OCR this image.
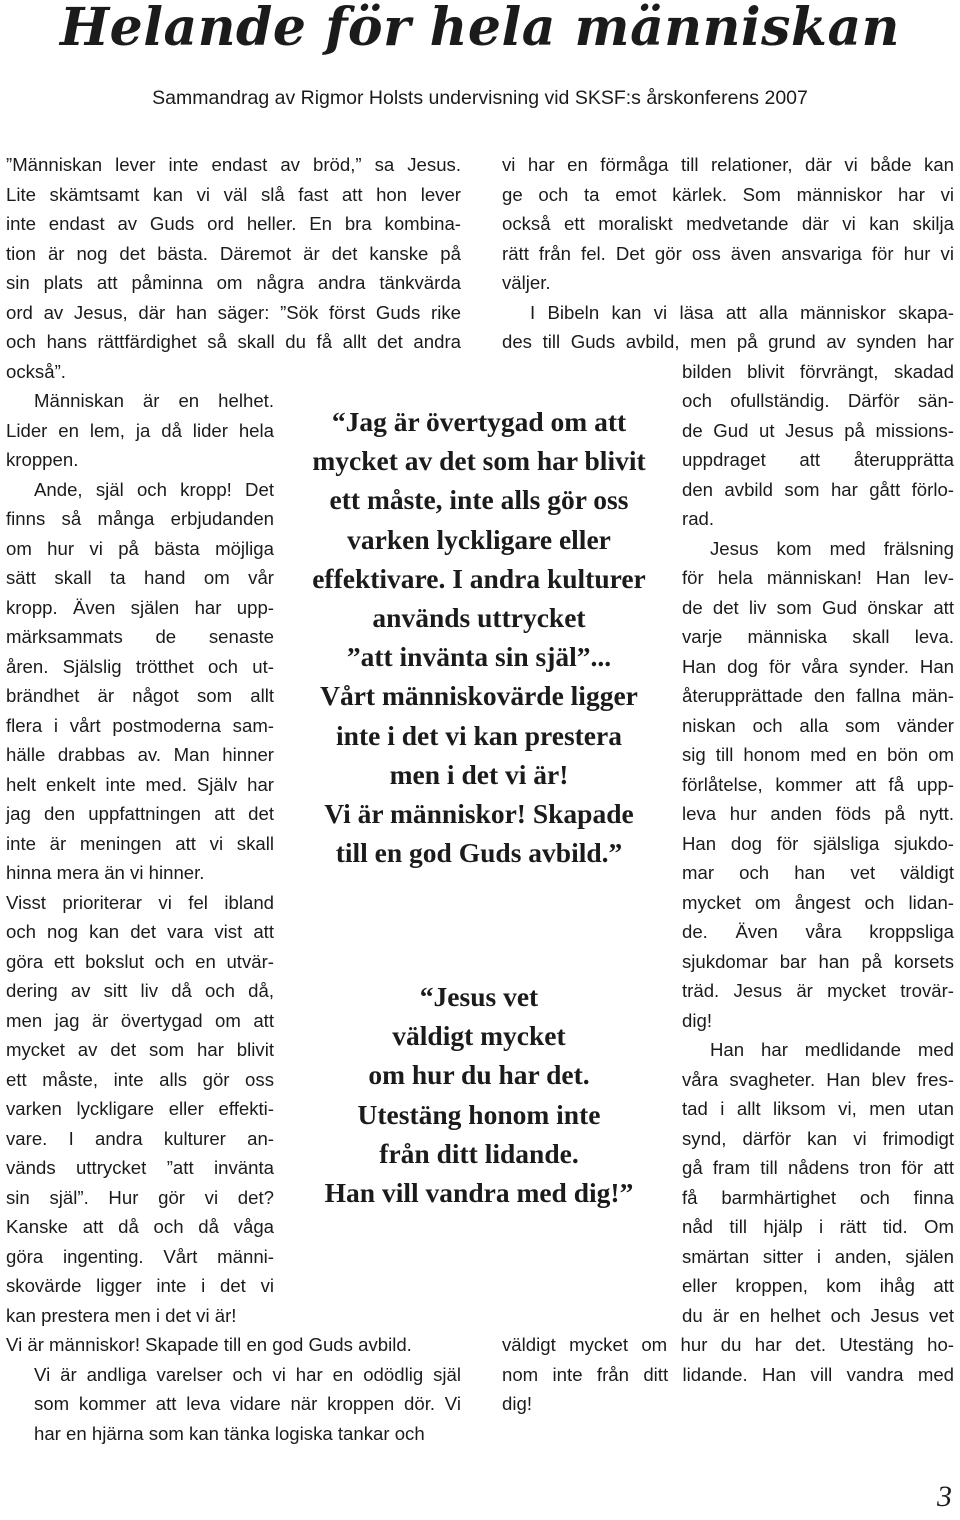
Helande för hela människan
Sammandrag av Rigmor Holsts undervisning vid SKSF:s årskonferens 2007
”Människan lever inte endast av bröd,” sa Jesus.
Lite skämtsamt kan vi väl slå fast att hon lever
inte endast av Guds ord heller. En bra kombina-
tion är nog det bästa. Däremot är det kanske på
sin plats att påminna om några andra tänkvärda
ord av Jesus, där han säger: ”Sök först Guds rike
och hans rättfärdighet så skall du få allt det andra
också”.
Människan är en helhet.
Lider en lem, ja då lider hela
kroppen.
Ande, själ och kropp! Det
finns så många erbjudanden
om hur vi på bästa möjliga
sätt skall ta hand om vår
kropp. Även själen har upp-
märksammats de senaste
åren. Själslig trötthet och ut-
brändhet är något som allt
flera i vårt postmoderna sam-
hälle drabbas av. Man hinner
helt enkelt inte med. Själv har
jag den uppfattningen att det
inte är meningen att vi skall
hinna mera än vi hinner.
Visst prioriterar vi fel ibland
och nog kan det vara vist att
göra ett bokslut och en utvär-
dering av sitt liv då och då,
men jag är övertygad om att
mycket av det som har blivit
ett måste, inte alls gör oss
varken lyckligare eller effekti-
vare. I andra kulturer an-
vänds uttrycket ”att invänta
sin själ”. Hur gör vi det?
Kanske att då och då våga
göra ingenting. Vårt männi-
skovärde ligger inte i det vi
kan prestera men i det vi är!
Vi är människor! Skapade till en god Guds avbild.
Vi är andliga varelser och vi har en odödlig själ
som kommer att leva vidare när kroppen dör. Vi
har en hjärna som kan tänka logiska tankar och
vi har en förmåga till relationer, där vi både kan
ge och ta emot kärlek. Som människor har vi
också ett moraliskt medvetande där vi kan skilja
rätt från fel. Det gör oss även ansvariga för hur vi
väljer.
I Bibeln kan vi läsa att alla människor skapa-
des till Guds avbild, men på grund av synden har
bilden blivit förvrängt, skadad
och ofullständig. Därför sän-
de Gud ut Jesus på missions-
uppdraget att återupprätta
den avbild som har gått förlo-
rad.
Jesus kom med frälsning
för hela människan! Han lev-
de det liv som Gud önskar att
varje människa skall leva.
Han dog för våra synder. Han
återupprättade den fallna män-
niskan och alla som vänder
sig till honom med en bön om
förlåtelse, kommer att få upp-
leva hur anden föds på nytt.
Han dog för själsliga sjukdo-
mar och han vet väldigt
mycket om ångest och lidan-
de. Även våra kroppsliga
sjukdomar bar han på korsets
träd. Jesus är mycket trovär-
dig!
Han har medlidande med
våra svagheter. Han blev fres-
tad i allt liksom vi, men utan
synd, därför kan vi frimodigt
gå fram till nådens tron för att
få barmhärtighet och finna
nåd till hjälp i rätt tid. Om
smärtan sitter i anden, själen
eller kroppen, kom ihåg att
du är en helhet och Jesus vet
väldigt mycket om hur du har det. Utestäng ho-
nom inte från ditt lidande. Han vill vandra med
dig!
“Jag är övertygad om att
mycket av det som har blivit
ett måste, inte alls gör oss
varken lyckligare eller
effektivare. I andra kulturer
används uttrycket
”att invänta sin själ”...
Vårt människovärde ligger
inte i det vi kan prestera
men i det vi är!
Vi är människor! Skapade
till en god Guds avbild.”
“Jesus vet
väldigt mycket
om hur du har det.
Utestäng honom inte
från ditt lidande.
Han vill vandra med dig!”
3
